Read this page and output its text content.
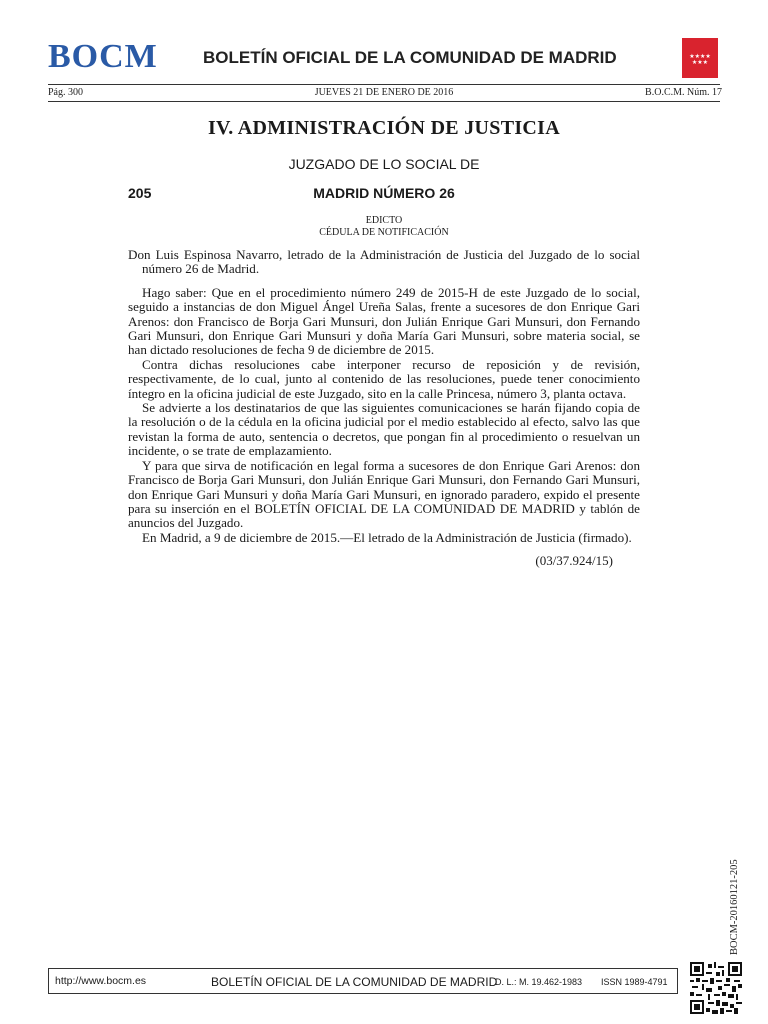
BOCM	BOLETÍN OFICIAL DE LA COMUNIDAD DE MADRID	★★★★
★★★
Pág. 300	JUEVES 21 DE ENERO DE 2016	B.O.C.M. Núm. 17
IV. ADMINISTRACIÓN DE JUSTICIA
JUZGADO DE LO SOCIAL DE
205	MADRID NÚMERO 26
EDICTO
CÉDULA DE NOTIFICACIÓN

Don Luis Espinosa Navarro, letrado de la Administración de Justicia del Juzgado de lo social número 26 de Madrid.

Hago saber: Que en el procedimiento número 249 de 2015-H de este Juzgado de lo social, seguido a instancias de don Miguel Ángel Ureña Salas, frente a sucesores de don Enrique Gari Arenos: don Francisco de Borja Gari Munsuri, don Julián Enrique Gari Munsuri, don Fernando Gari Munsuri, don Enrique Gari Munsuri y doña María Gari Munsuri, sobre materia social, se han dictado resoluciones de fecha 9 de diciembre de 2015.

Contra dichas resoluciones cabe interponer recurso de reposición y de revisión, respectivamente, de lo cual, junto al contenido de las resoluciones, puede tener conocimiento íntegro en la oficina judicial de este Juzgado, sito en la calle Princesa, número 3, planta octava.

Se advierte a los destinatarios de que las siguientes comunicaciones se harán fijando copia de la resolución o de la cédula en la oficina judicial por el medio establecido al efecto, salvo las que revistan la forma de auto, sentencia o decretos, que pongan fin al procedimiento o resuelvan un incidente, o se trate de emplazamiento.

Y para que sirva de notificación en legal forma a sucesores de don Enrique Gari Arenos: don Francisco de Borja Gari Munsuri, don Julián Enrique Gari Munsuri, don Fernando Gari Munsuri, don Enrique Gari Munsuri y doña María Gari Munsuri, en ignorado paradero, expido el presente para su inserción en el BOLETÍN OFICIAL DE LA COMUNIDAD DE MADRID y tablón de anuncios del Juzgado.

En Madrid, a 9 de diciembre de 2015.—El letrado de la Administración de Justicia (firmado).

(03/37.924/15)
BOCM-20160121-205
http://www.bocm.es	BOLETÍN OFICIAL DE LA COMUNIDAD DE MADRID
D. L.: M. 19.462-1983 ISSN 1989-4791
